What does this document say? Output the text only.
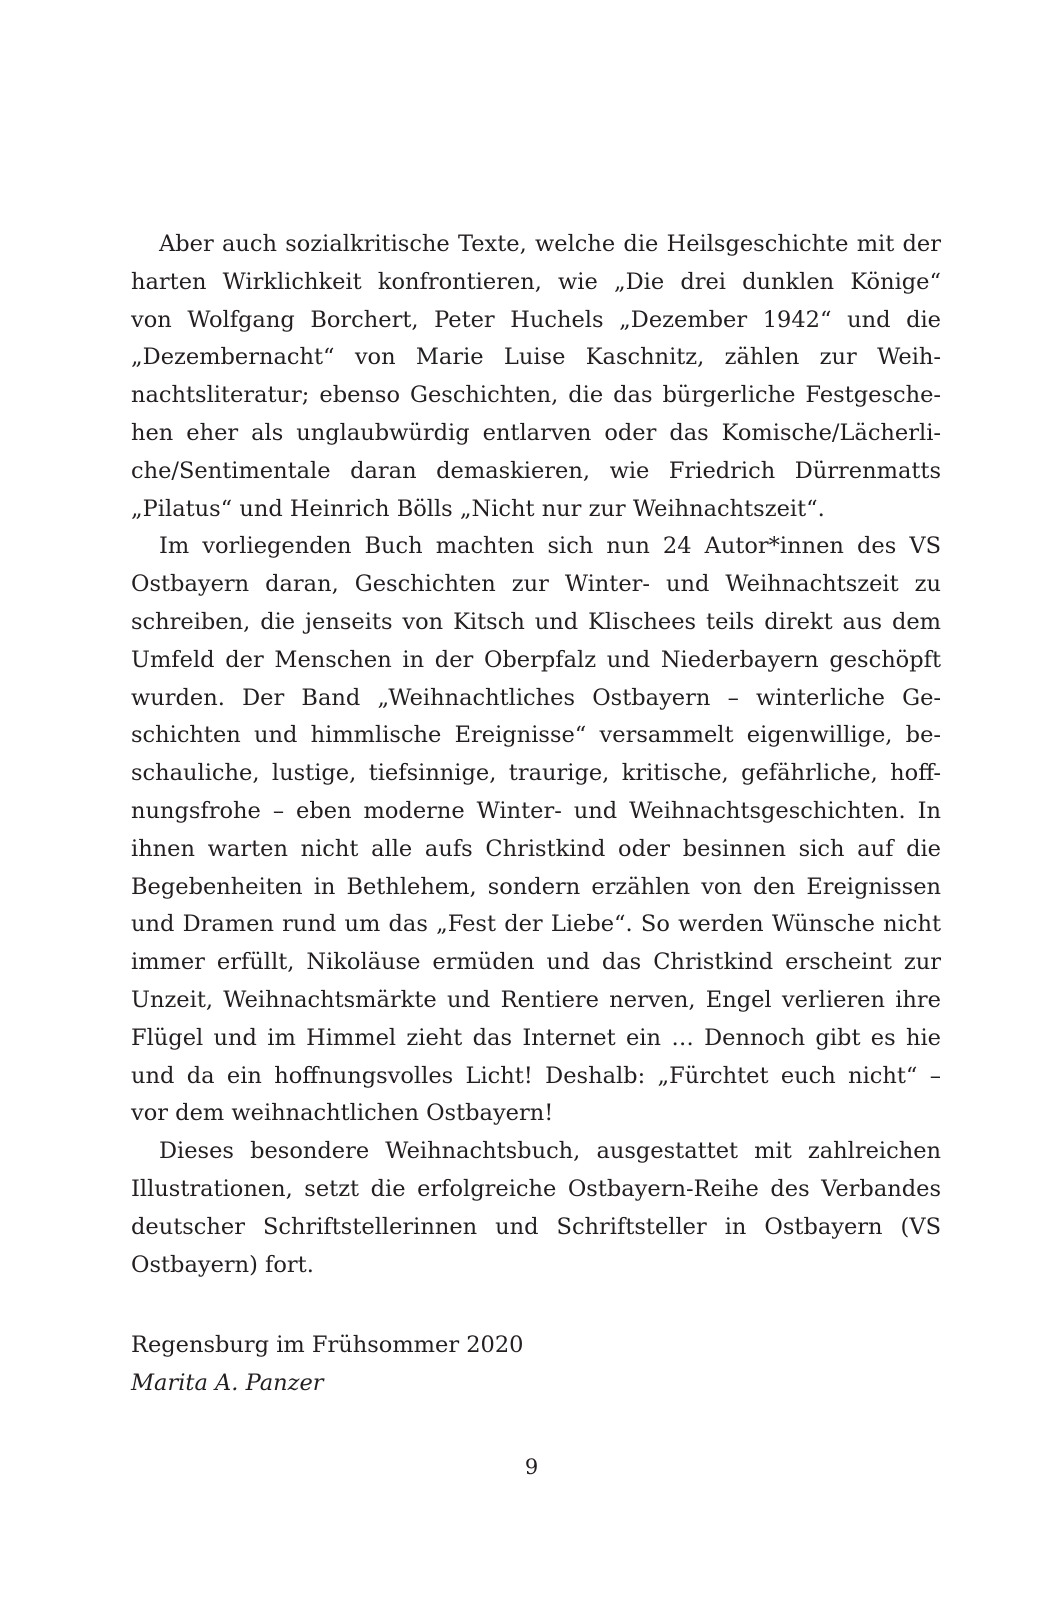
Aber auch sozialkritische Texte, welche die Heilsgeschichte mit der
harten Wirklichkeit konfrontieren, wie „Die drei dunklen Könige“
von Wolfgang Borchert, Peter Huchels „Dezember 1942“ und die
„Dezembernacht“ von Marie Luise Kaschnitz, zählen zur Weih-
nachtsliteratur; ebenso Geschichten, die das bürgerliche Festgesche-
hen eher als unglaubwürdig entlarven oder das Komische/Lächerli-
che/Sentimentale daran demaskieren, wie Friedrich Dürrenmatts
„Pilatus“ und Heinrich Bölls „Nicht nur zur Weihnachtszeit“.

Im vorliegenden Buch machten sich nun 24 Autor*innen des VS
Ostbayern daran, Geschichten zur Winter- und Weihnachtszeit zu
schreiben, die jenseits von Kitsch und Klischees teils direkt aus dem
Umfeld der Menschen in der Oberpfalz und Niederbayern geschöpft
wurden. Der Band „Weihnachtliches Ostbayern – winterliche Ge-
schichten und himmlische Ereignisse“ versammelt eigenwillige, be-
schauliche, lustige, tiefsinnige, traurige, kritische, gefährliche, hoff-
nungsfrohe – eben moderne Winter- und Weihnachtsgeschichten. In
ihnen warten nicht alle aufs Christkind oder besinnen sich auf die
Begebenheiten in Bethlehem, sondern erzählen von den Ereignissen
und Dramen rund um das „Fest der Liebe“. So werden Wünsche nicht
immer erfüllt, Nikoläuse ermüden und das Christkind erscheint zur
Unzeit, Weihnachtsmärkte und Rentiere nerven, Engel verlieren ihre
Flügel und im Himmel zieht das Internet ein … Dennoch gibt es hie
und da ein hoffnungsvolles Licht! Deshalb: „Fürchtet euch nicht“ –
vor dem weihnachtlichen Ostbayern!

Dieses besondere Weihnachtsbuch, ausgestattet mit zahlreichen
Illustrationen, setzt die erfolgreiche Ostbayern-Reihe des Verbandes
deutscher Schriftstellerinnen und Schriftsteller in Ostbayern (VS
Ostbayern) fort.

Regensburg im Frühsommer 2020
Marita A. Panzer
9
